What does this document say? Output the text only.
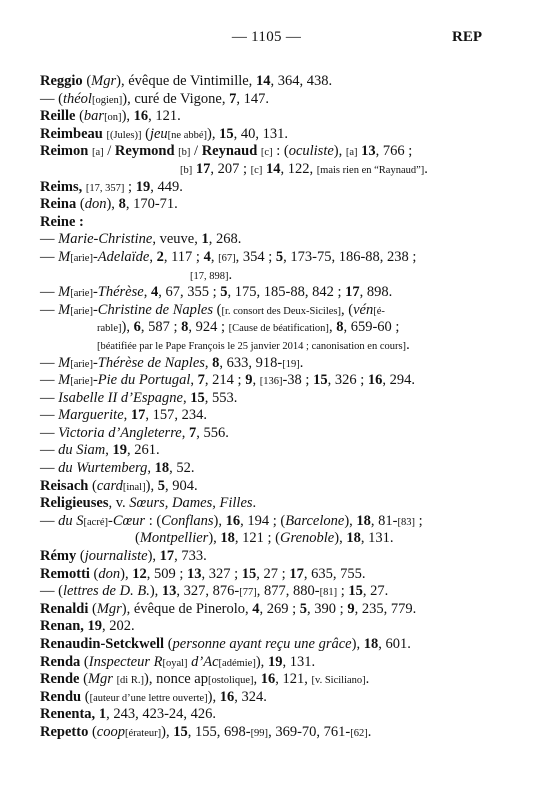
— 1105 —	REP
Reggio (Mgr), évêque de Vintimille, 14, 364, 438.
— (théol[ogien]), curé de Vigone, 7, 147.
Reille (bar[on]), 16, 121.
Reimbeau [(Jules)] (jeu[ne abbé]), 15, 40, 131.
Reimon [a] / Reymond [b] / Reynaud [c] : (oculiste), [a] 13, 766 ;
[b] 17, 207 ; [c] 14, 122, [mais rien en “Raynaud”].
Reims, [17, 357] ; 19, 449.
Reina (don), 8, 170-71.
Reine :
— Marie-Christine, veuve, 1, 268.
— M[arie]-Adelaïde, 2, 117 ; 4, [67], 354 ; 5, 173-75, 186-88, 238 ;
[17, 898].
— M[arie]-Thérèse, 4, 67, 355 ; 5, 175, 185-88, 842 ; 17, 898.
— M[arie]-Christine de Naples ([r. consort des Deux-Siciles], (vén[é-
rable]), 6, 587 ; 8, 924 ; [Cause de béatification], 8, 659-60 ;
[béatifiée par le Pape François le 25 janvier 2014 ; canonisation en cours].
— M[arie]-Thérèse de Naples, 8, 633, 918-[19].
— M[arie]-Pie du Portugal, 7, 214 ; 9, [136]-38 ; 15, 326 ; 16, 294.
— Isabelle II d’Espagne, 15, 553.
— Marguerite, 17, 157, 234.
— Victoria d’Angleterre, 7, 556.
— du Siam, 19, 261.
— du Wurtemberg, 18, 52.
Reisach (card[inal]), 5, 904.
Religieuses, v. Sœurs, Dames, Filles.
— du S[acré]-Cœur : (Conflans), 16, 194 ; (Barcelone), 18, 81-[83] ;
(Montpellier), 18, 121 ; (Grenoble), 18, 131.
Rémy (journaliste), 17, 733.
Remotti (don), 12, 509 ; 13, 327 ; 15, 27 ; 17, 635, 755.
— (lettres de D. B.), 13, 327, 876-[77], 877, 880-[81] ; 15, 27.
Renaldi (Mgr), évêque de Pinerolo, 4, 269 ; 5, 390 ; 9, 235, 779.
Renan, 19, 202.
Renaudin-Setckwell (personne ayant reçu une grâce), 18, 601.
Renda (Inspecteur R[oyal] d’Ac[adémie]), 19, 131.
Rende (Mgr [di R.]), nonce ap[ostolique], 16, 121, [v. Siciliano].
Rendu ([auteur d’une lettre ouverte]), 16, 324.
Renenta, 1, 243, 423-24, 426.
Repetto (coop[érateur]), 15, 155, 698-[99], 369-70, 761-[62].
